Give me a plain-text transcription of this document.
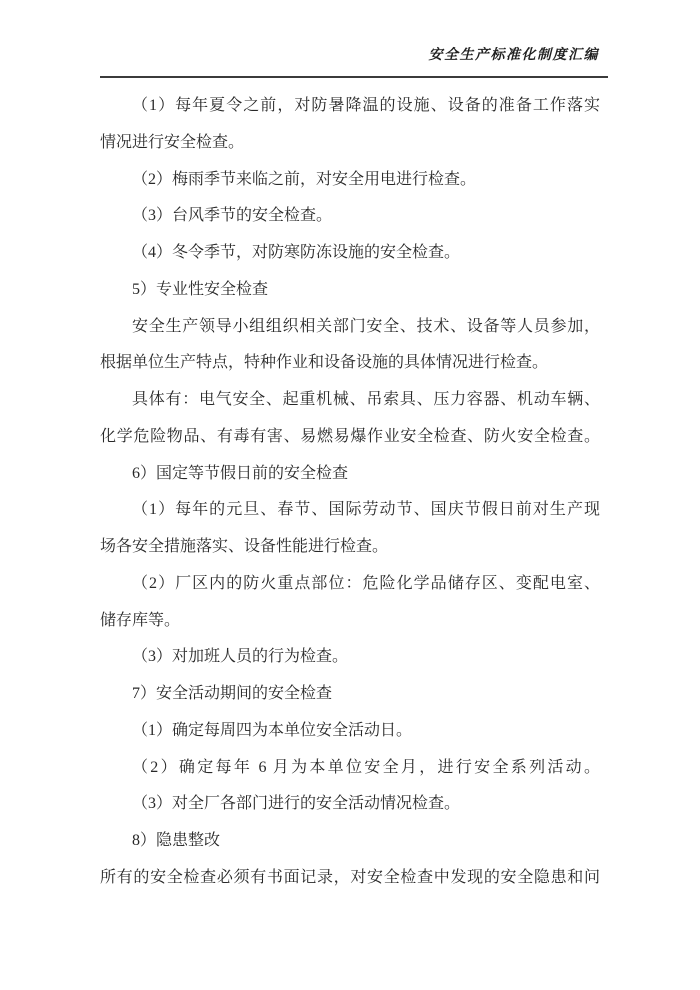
安全生产标准化制度汇编
（1）每年夏令之前，对防暑降温的设施、设备的准备工作落实
情况进行安全检查。
（2）梅雨季节来临之前，对安全用电进行检查。
（3）台风季节的安全检查。
（4）冬令季节，对防寒防冻设施的安全检查。
5）专业性安全检查
安全生产领导小组组织相关部门安全、技术、设备等人员参加，
根据单位生产特点，特种作业和设备设施的具体情况进行检查。
具体有：电气安全、起重机械、吊索具、压力容器、机动车辆、
化学危险物品、有毒有害、易燃易爆作业安全检查、防火安全检查。
6）国定等节假日前的安全检查
（1）每年的元旦、春节、国际劳动节、国庆节假日前对生产现
场各安全措施落实、设备性能进行检查。
（2）厂区内的防火重点部位：危险化学品储存区、变配电室、
储存库等。
（3）对加班人员的行为检查。
7）安全活动期间的安全检查
（1）确定每周四为本单位安全活动日。
（2）确定每年 6 月为本单位安全月，进行安全系列活动。
（3）对全厂各部门进行的安全活动情况检查。
8）隐患整改
所有的安全检查必须有书面记录，对安全检查中发现的安全隐患和问
